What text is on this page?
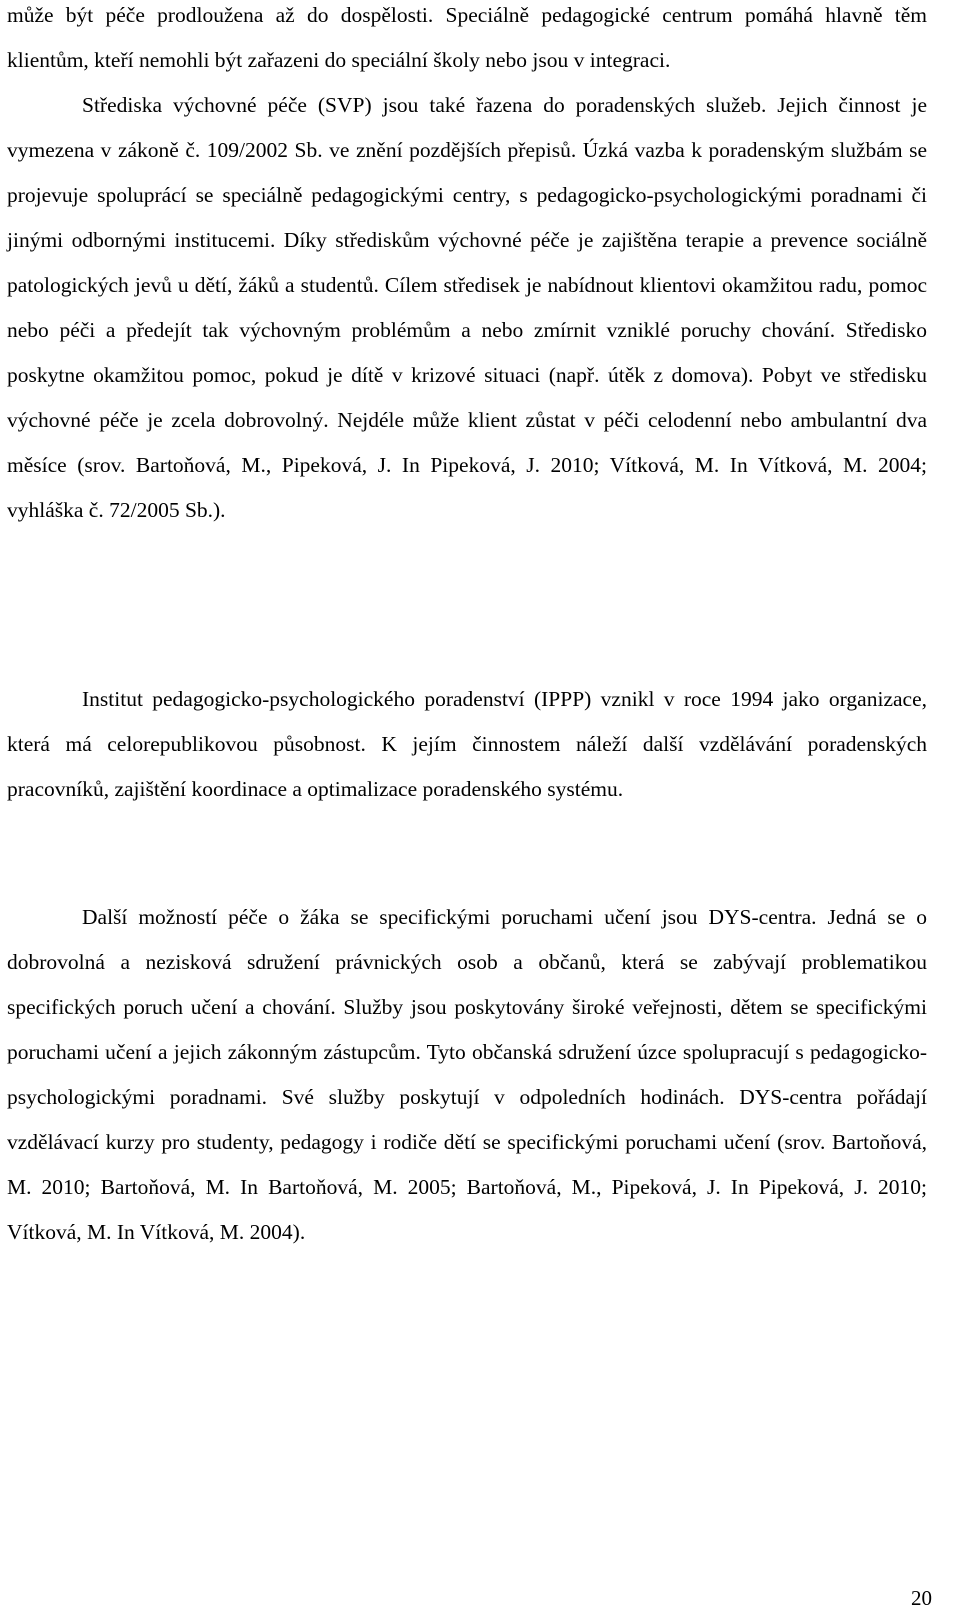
může být péče prodloužena až do dospělosti. Speciálně pedagogické centrum pomáhá hlavně těm klientům, kteří nemohli být zařazeni do speciální školy nebo jsou v integraci.

Střediska výchovné péče (SVP) jsou také řazena do poradenských služeb. Jejich činnost je vymezena v zákoně č. 109/2002 Sb. ve znění pozdějších přepisů. Úzká vazba k poradenským službám se projevuje spoluprácí se speciálně pedagogickými centry, s pedagogicko-psychologickými poradnami či jinými odbornými institucemi. Díky střediskům výchovné péče je zajištěna terapie a prevence sociálně patologických jevů u dětí, žáků a studentů. Cílem středisek je nabídnout klientovi okamžitou radu, pomoc nebo péči a předejít tak výchovným problémům a nebo zmírnit vzniklé poruchy chování. Středisko poskytne okamžitou pomoc, pokud je dítě v krizové situaci (např. útěk z domova). Pobyt ve středisku výchovné péče je zcela dobrovolný. Nejdéle může klient zůstat v péči celodenní nebo ambulantní dva měsíce (srov. Bartoňová, M., Pipeková, J. In Pipeková, J. 2010; Vítková, M. In Vítková, M. 2004; vyhláška č. 72/2005 Sb.).

Institut pedagogicko-psychologického poradenství (IPPP) vznikl v roce 1994 jako organizace, která má celorepublikovou působnost. K jejím činnostem náleží další vzdělávání poradenských pracovníků, zajištění koordinace a optimalizace poradenského systému.

Další možností péče o žáka se specifickými poruchami učení jsou DYS-centra. Jedná se o dobrovolná a nezisková sdružení právnických osob a občanů, která se zabývají problematikou specifických poruch učení a chování. Služby jsou poskytovány široké veřejnosti, dětem se specifickými poruchami učení a jejich zákonným zástupcům. Tyto občanská sdružení úzce spolupracují s pedagogicko-psychologickými poradnami. Své služby poskytují v odpoledních hodinách. DYS-centra pořádají vzdělávací kurzy pro studenty, pedagogy i rodiče dětí se specifickými poruchami učení (srov. Bartoňová, M. 2010; Bartoňová, M. In Bartoňová, M. 2005; Bartoňová, M., Pipeková, J. In Pipeková, J. 2010; Vítková, M. In Vítková, M. 2004).

20
